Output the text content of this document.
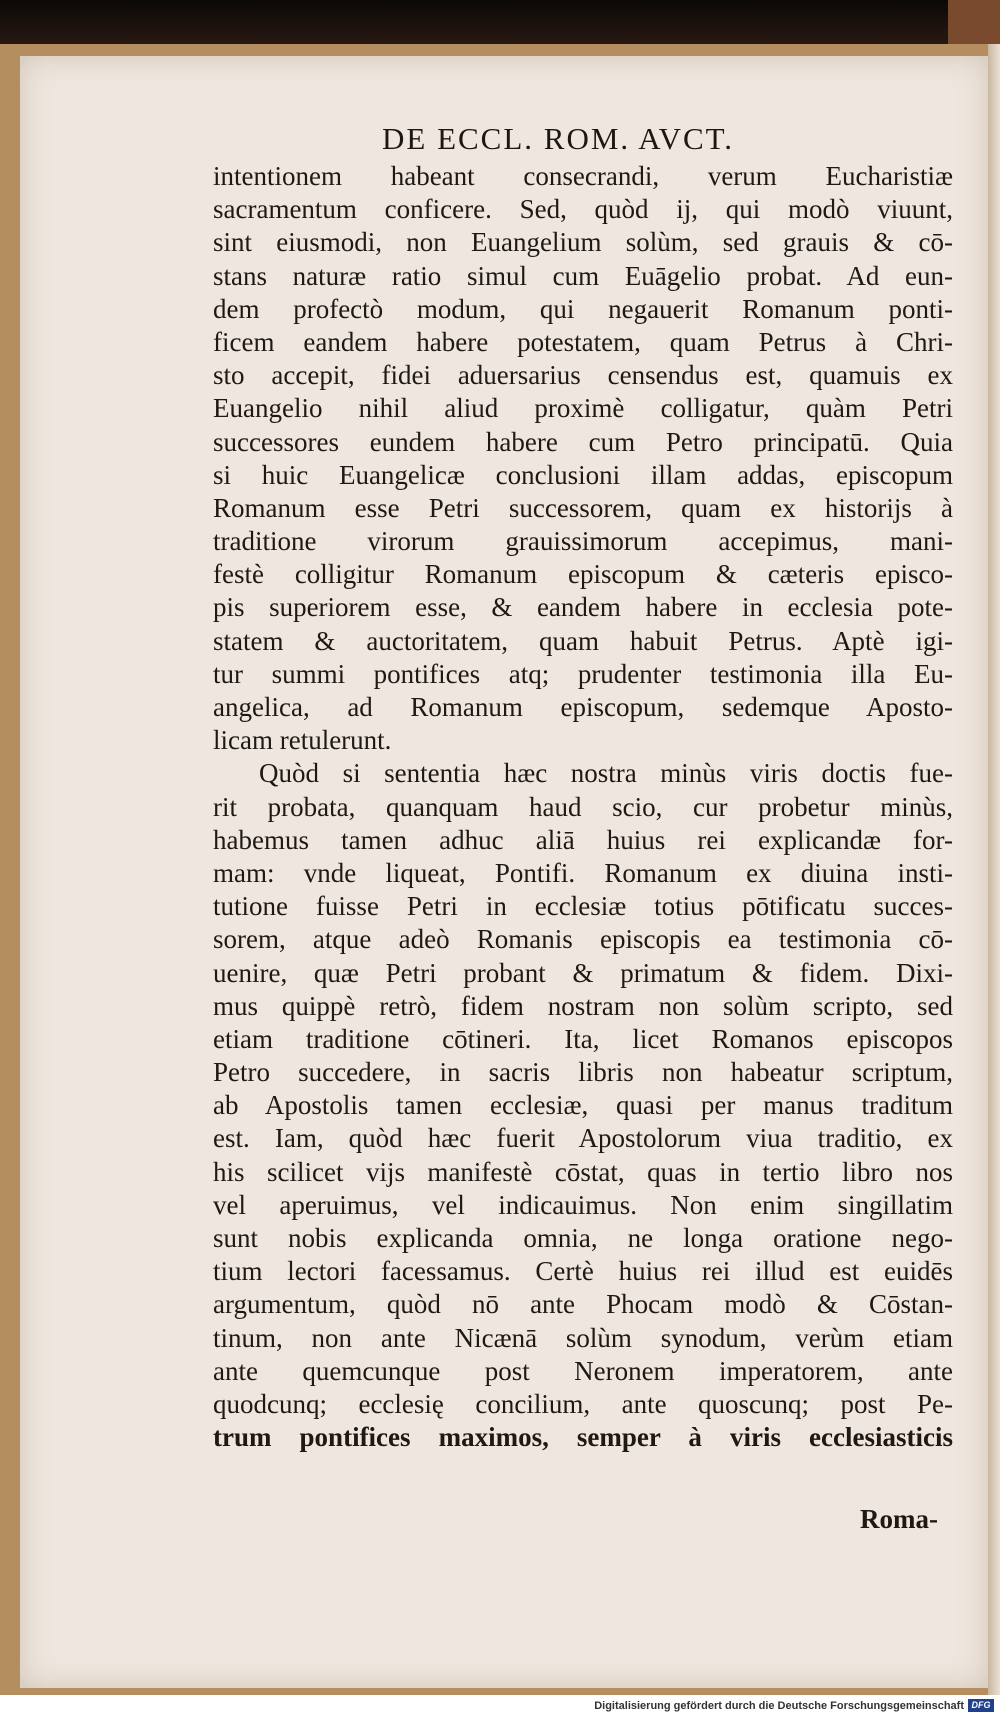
DE ECCL. ROM. AVCT.
intentionem habeant consecrandi, verum Eucharistiæ
sacramentum conficere. Sed, quòd ij, qui modò viuunt,
sint eiusmodi, non Euangelium solùm, sed grauis & cō-
stans naturæ ratio simul cum Euāgelio probat. Ad eun-
dem profectò modum, qui negauerit Romanum ponti-
ficem eandem habere potestatem, quam Petrus à Chri-
sto accepit, fidei aduersarius censendus est, quamuis ex
Euangelio nihil aliud proximè colligatur, quàm Petri
successores eundem habere cum Petro principatū. Quia
si huic Euangelicæ conclusioni illam addas, episcopum
Romanum esse Petri successorem, quam ex historijs à
traditione virorum grauissimorum accepimus, mani-
festè colligitur Romanum episcopum & cæteris episco-
pis superiorem esse, & eandem habere in ecclesia pote-
statem & auctoritatem, quam habuit Petrus. Aptè igi-
tur summi pontifices atq; prudenter testimonia illa Eu-
angelica, ad Romanum episcopum, sedemque Aposto-
licam retulerunt.
Quòd si sententia hæc nostra minùs viris doctis fue-
rit probata, quanquam haud scio, cur probetur minùs,
habemus tamen adhuc aliā huius rei explicandæ for-
mam: vnde liqueat, Pontifi. Romanum ex diuina insti-
tutione fuisse Petri in ecclesiæ totius pōtificatu succes-
sorem, atque adeò Romanis episcopis ea testimonia cō-
uenire, quæ Petri probant & primatum & fidem. Dixi-
mus quippè retrò, fidem nostram non solùm scripto, sed
etiam traditione cōtineri. Ita, licet Romanos episcopos
Petro succedere, in sacris libris non habeatur scriptum,
ab Apostolis tamen ecclesiæ, quasi per manus traditum
est. Iam, quòd hæc fuerit Apostolorum viua traditio, ex
his scilicet vijs manifestè cōstat, quas in tertio libro nos
vel aperuimus, vel indicauimus. Non enim singillatim
sunt nobis explicanda omnia, ne longa oratione nego-
tium lectori facessamus. Certè huius rei illud est euidēs
argumentum, quòd nō ante Phocam modò & Cōstan-
tinum, non ante Nicænā solùm synodum, verùm etiam
ante quemcunque post Neronem imperatorem, ante
quodcunq; ecclesię concilium, ante quoscunq; post Pe-
trum pontifices maximos, semper à viris ecclesiasticis

Roma-

Digitalisierung gefördert durch die Deutsche Forschungsgemeinschaft DFG
